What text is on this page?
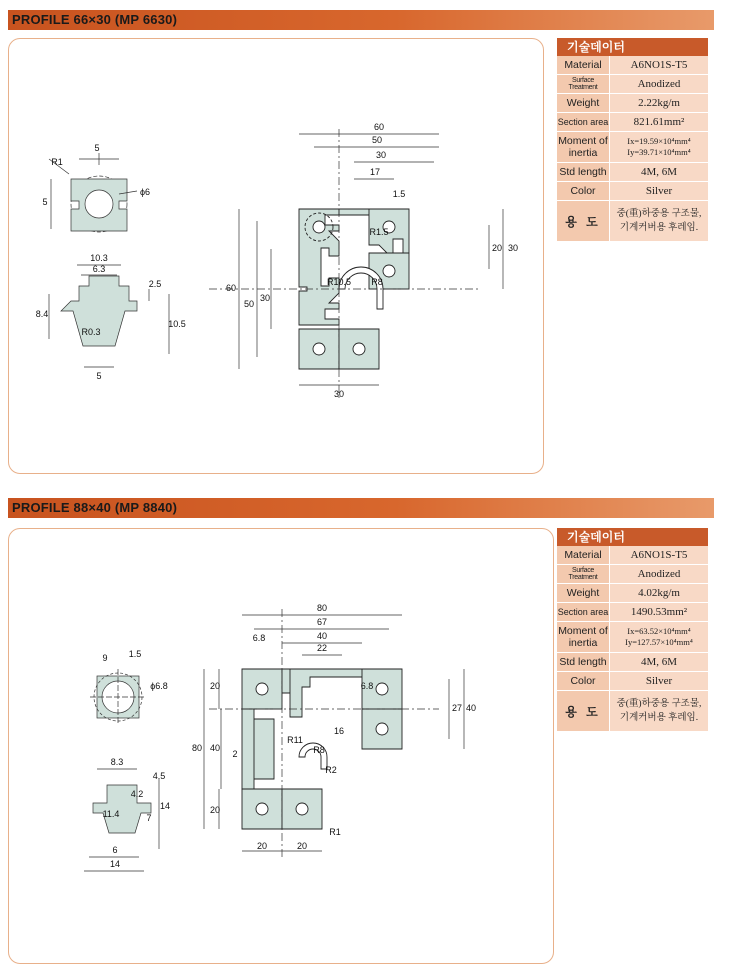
PROFILE 66×30 (MP 6630)
5
R1
5
ϕ6
10.3
6.3
2.5
8.4
10.5
R0.3
5
60
50
30
17
1.5
R1.5
20 30
R10.5 R8
60
50
30
30
기술데이터
Material	A6NO1S-T5
Surface Treatment	Anodized
Weight	2.22kg/m
Section area	821.61mm²
Moment of inertia	Ix=19.59×10⁴mm⁴
Iy=39.71×10⁴mm⁴

Std length	4M, 6M
Color	Silver
용 도	중(重)하중용 구조물,
기계커버용 후레임.
PROFILE 88×40 (MP 8840)
1.5
9
ϕ6.8
8.3
4.5
4.2
14
11.4	7
6
14
80
67
40
6.8
22
6.8
20
80 40
16
27 40
R11
R8
R2
2
20
20	20
R1
기술데이터
Material	A6NO1S-T5
Surface Treatment	Anodized
Weight	4.02kg/m
Section area	1490.53mm²
Moment of inertia	Ix=63.52×10⁴mm⁴
Iy=127.57×10⁴mm⁴

Std length	4M, 6M
Color	Silver
용 도	중(重)하중용 구조물,
기계커버용 후레임.
